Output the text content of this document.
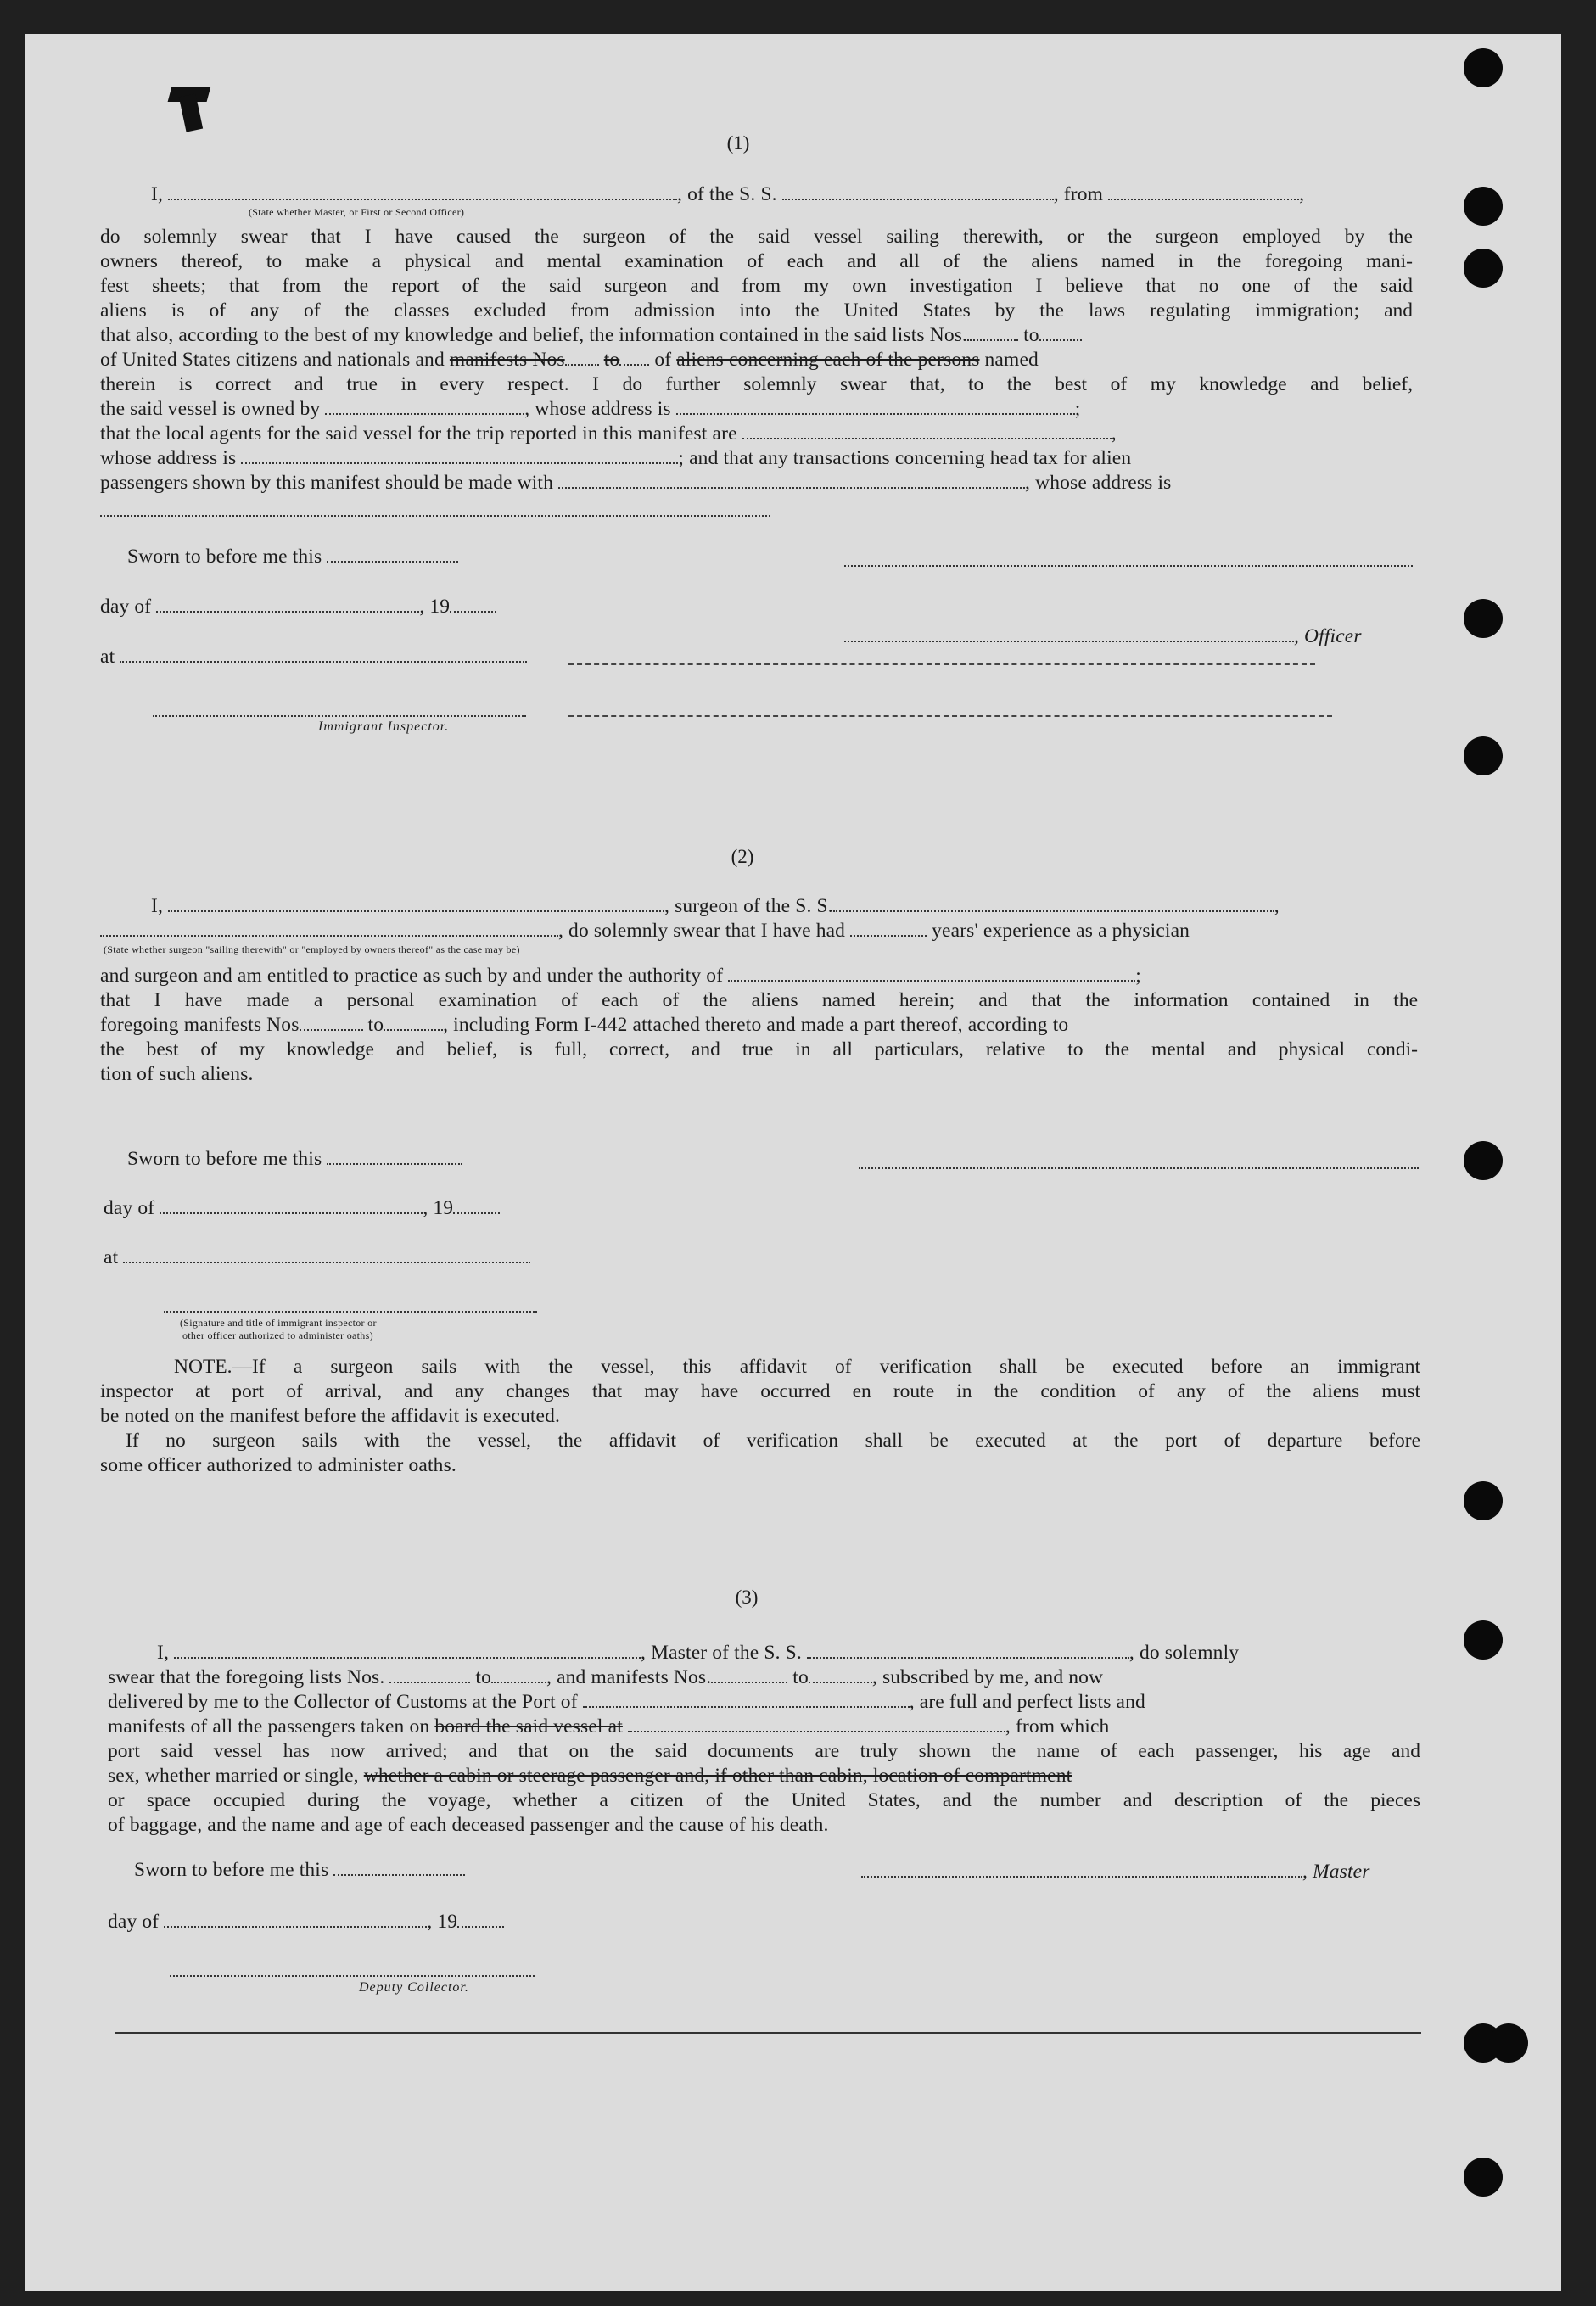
(1)
I,	, of the S. S.	, from	,
(State whether Master, or First or Second Officer)
do solemnly swear that I have caused the surgeon of the said vessel sailing therewith, or the surgeon employed by the
owners thereof, to make a physical and mental examination of each and all of the aliens named in the foregoing mani-
fest sheets; that from the report of the said surgeon and from my own investigation I believe that no one of the said
aliens is of any of the classes excluded from admission into the United States by the laws regulating immigration; and
that also, according to the best of my knowledge and belief, the information contained in the said lists Nos.	to
of United States citizens and nationals and manifests Nos to of aliens concerning each of the persons named
therein is correct and true in every respect. I do further solemnly swear that, to the best of my knowledge and belief,
the said vessel is owned by	, whose address is	;
that the local agents for the said vessel for the trip reported in this manifest are	,
whose address is	; and that any transactions concerning head tax for alien
passengers shown by this manifest should be made with	, whose address is
Sworn to before me this
day of	, 19
, Officer
at
Immigrant Inspector.
(2)
I,	, surgeon of the S. S.	,
, do solemnly swear that I have had	years' experience as a physician
(State whether surgeon "sailing therewith" or "employed by owners thereof" as the case may be)
and surgeon and am entitled to practice as such by and under the authority of	;
that I have made a personal examination of each of the aliens named herein; and that the information contained in the
foregoing manifests Nos	to	, including Form I-442 attached thereto and made a part thereof, according to
the best of my knowledge and belief, is full, correct, and true in all particulars, relative to the mental and physical condi-
tion of such aliens.
Sworn to before me this
day of	, 19
at
(Signature and title of immigrant inspector or
other officer authorized to administer oaths)
NOTE.—If a surgeon sails with the vessel, this affidavit of verification shall be executed before an immigrant
inspector at port of arrival, and any changes that may have occurred en route in the condition of any of the aliens must
be noted on the manifest before the affidavit is executed.
If no surgeon sails with the vessel, the affidavit of verification shall be executed at the port of departure before
some officer authorized to administer oaths.
(3)
I,	, Master of the S. S.	, do solemnly
swear that the foregoing lists Nos.	to	, and manifests Nos.	to	, subscribed by me, and now
delivered by me to the Collector of Customs at the Port of	, are full and perfect lists and
manifests of all the passengers taken on board the said vessel at	, from which
port said vessel has now arrived; and that on the said documents are truly shown the name of each passenger, his age and
sex, whether married or single, whether a cabin or steerage passenger and, if other than cabin, location of compartment
or space occupied during the voyage, whether a citizen of the United States, and the number and description of the pieces
of baggage, and the name and age of each deceased passenger and the cause of his death.
Sworn to before me this	, Master
day of	, 19
Deputy Collector.
